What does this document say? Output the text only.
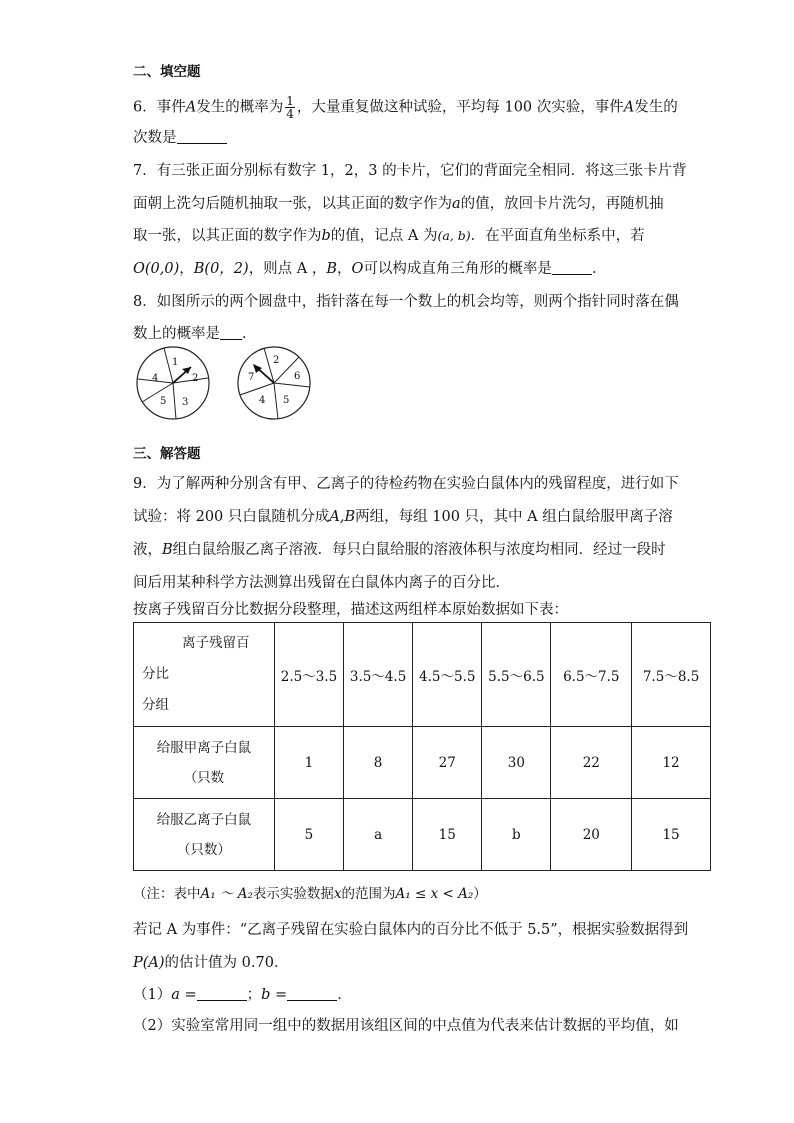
二、填空题
6．事件A发生的概率为 $\frac{1}{4}$ ，大量重复做这种试验，平均每 100 次实验，事件A发生的
次数是
7．有三张正面分别标有数字 1，2，3 的卡片，它们的背面完全相同．将这三张卡片背
面朝上洗匀后随机抽取一张，以其正面的数字作为a的值，放回卡片洗匀，再随机抽
取一张，以其正面的数字作为b的值，记点 A 为(a, b)．在平面直角坐标系中，若
O(0,0)，B(0，2)，则点 A ，B，O可以构成直角三角形的概率是	．
8．如图所示的两个圆盘中，指针落在每一个数上的机会均等，则两个指针同时落在偶
数上的概率是 ．
1
2
3
5
4
2
6
5
4
7
三、解答题
9．为了解两种分别含有甲、乙离子的待检药物在实验白鼠体内的残留程度，进行如下
试验：将 200 只白鼠随机分成A,B两组，每组 100 只，其中 A 组白鼠给服甲离子溶
液，B组白鼠给服乙离子溶液．每只白鼠给服的溶液体积与浓度均相同．经过一段时
间后用某种科学方法测算出残留在白鼠体内离子的百分比．
按离子残留百分比数据分段整理，描述这两组样本原始数据如下表：
离子残留百
分比
分组	2.5～3.5	3.5～4.5	4.5～5.5	5.5～6.5	6.5～7.5	7.5～8.5

给服甲离子白鼠
（只数	1	8	27	30	22	12

给服乙离子白鼠
（只数）	5	a	15	b	20	15
（注：表中A₁ ～ A₂表示实验数据x的范围为A₁ ≤ x < A₂）
若记 A 为事件：“乙离子残留在实验白鼠体内的百分比不低于 5.5”，根据实验数据得到
P(A)的估计值为 0.70．
（1）a =	；b =	．
（2）实验室常用同一组中的数据用该组区间的中点值为代表来估计数据的平均值，如
